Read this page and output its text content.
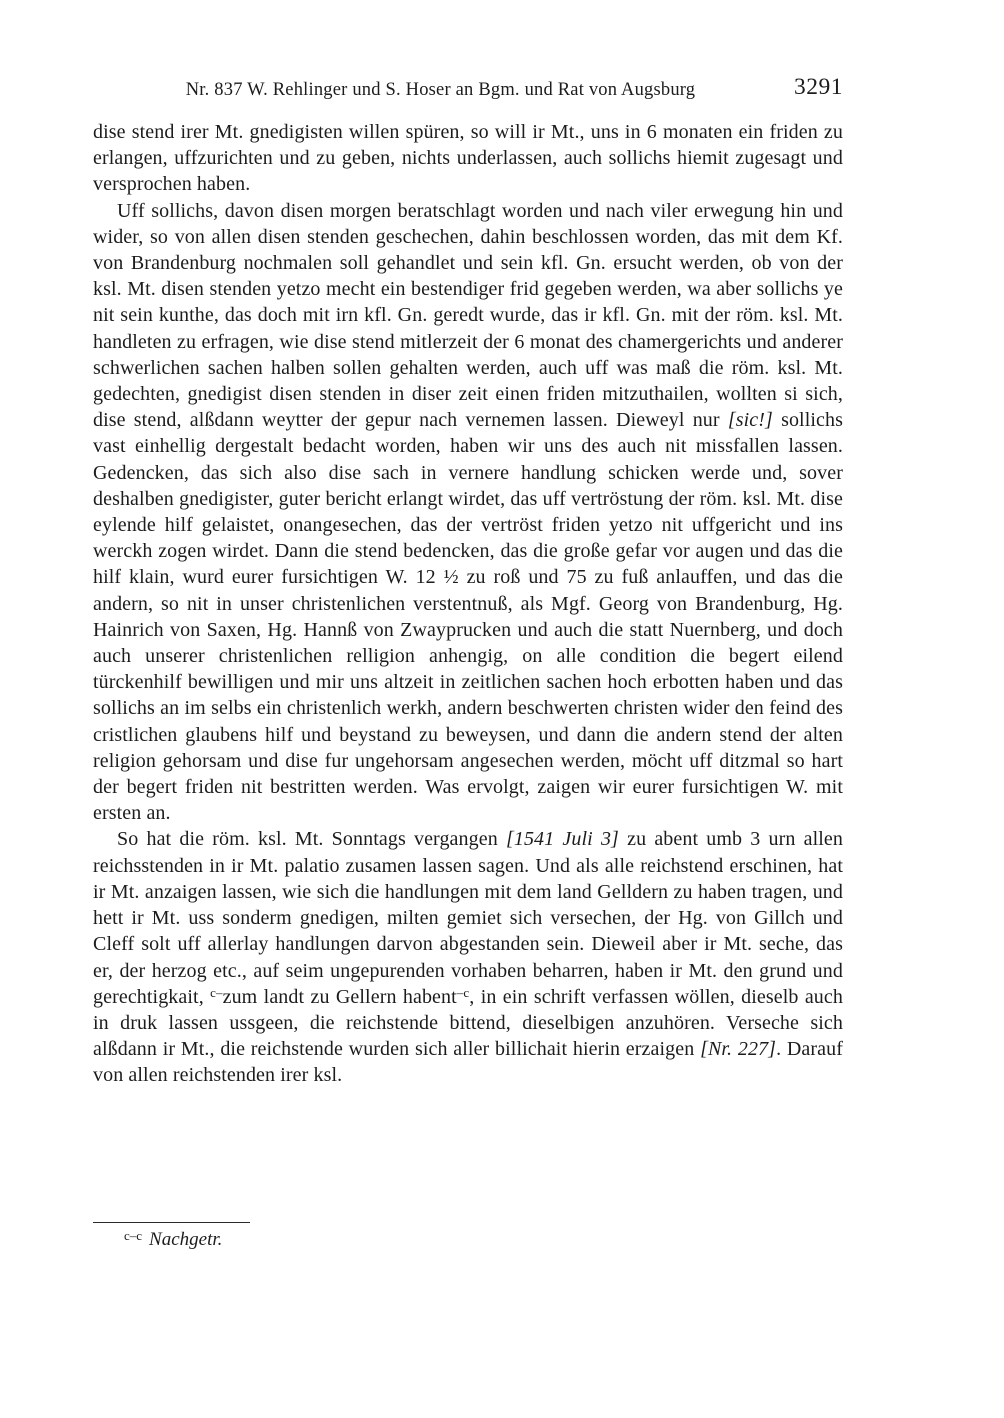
Nr. 837 W. Rehlinger und S. Hoser an Bgm. und Rat von Augsburg	3291

dise stend irer Mt. gnedigisten willen spüren, so will ir Mt., uns in 6 monaten ein friden zu erlangen, uffzurichten und zu geben, nichts underlassen, auch sollichs hiemit zugesagt und versprochen haben.

Uff sollichs, davon disen morgen beratschlagt worden und nach viler erwegung hin und wider, so von allen disen stenden geschechen, dahin beschlossen worden, das mit dem Kf. von Brandenburg nochmalen soll gehandlet und sein kfl. Gn. ersucht werden, ob von der ksl. Mt. disen stenden yetzo mecht ein bestendiger frid gegeben werden, wa aber sollichs ye nit sein kunthe, das doch mit irn kfl. Gn. geredt wurde, das ir kfl. Gn. mit der röm. ksl. Mt. handleten zu erfragen, wie dise stend mitlerzeit der 6 monat des chamergerichts und anderer schwerlichen sachen halben sollen gehalten werden, auch uff was maß die röm. ksl. Mt. gedechten, gnedigist disen stenden in diser zeit einen friden mitzuthailen, wollten si sich, dise stend, alßdann weytter der gepur nach vernemen lassen. Dieweyl nur [sic!] sollichs vast einhellig dergestalt bedacht worden, haben wir uns des auch nit missfallen lassen. Gedencken, das sich also dise sach in vernere handlung schicken werde und, sover deshalben gnedigister, guter bericht erlangt wirdet, das uff vertröstung der röm. ksl. Mt. dise eylende hilf gelaistet, onangesechen, das der vertröst friden yetzo nit uffgericht und ins werckh zogen wirdet. Dann die stend bedencken, das die große gefar vor augen und das die hilf klain, wurd eurer fursichtigen W. 12 ½ zu roß und 75 zu fuß anlauffen, und das die andern, so nit in unser christenlichen verstentnuß, als Mgf. Georg von Brandenburg, Hg. Hainrich von Saxen, Hg. Hannß von Zwayprucken und auch die statt Nuernberg, und doch auch unserer christenlichen relligion anhengig, on alle condition die begert eilend türckenhilf bewilligen und mir uns altzeit in zeitlichen sachen hoch erbotten haben und das sollichs an im selbs ein christenlich werkh, andern beschwerten christen wider den feind des cristlichen glaubens hilf und beystand zu beweysen, und dann die andern stend der alten religion gehorsam und dise fur ungehorsam angesechen werden, möcht uff ditzmal so hart der begert friden nit bestritten werden. Was ervolgt, zaigen wir eurer fursichtigen W. mit ersten an.

So hat die röm. ksl. Mt. Sonntags vergangen [1541 Juli 3] zu abent umb 3 urn allen reichsstenden in ir Mt. palatio zusamen lassen sagen. Und als alle reichstend erschinen, hat ir Mt. anzaigen lassen, wie sich die handlungen mit dem land Gelldern zu haben tragen, und hett ir Mt. uss sonderm gnedigen, milten gemiet sich versechen, der Hg. von Gillch und Cleff solt uff allerlay handlungen darvon abgestanden sein. Dieweil aber ir Mt. seche, das er, der herzog etc., auf seim ungepurenden vorhaben beharren, haben ir Mt. den grund und gerechtigkait, $^{c-}$zum landt zu Gellern habent$^{-c}$, in ein schrift verfassen wöllen, dieselb auch in druk lassen ussgeen, die reichstende bittend, dieselbigen anzuhören. Verseche sich alßdann ir Mt., die reichstende wurden sich aller billichait hierin erzaigen [Nr. 227]. Darauf von allen reichstenden irer ksl.

$^{c-c}$ Nachgetr.
